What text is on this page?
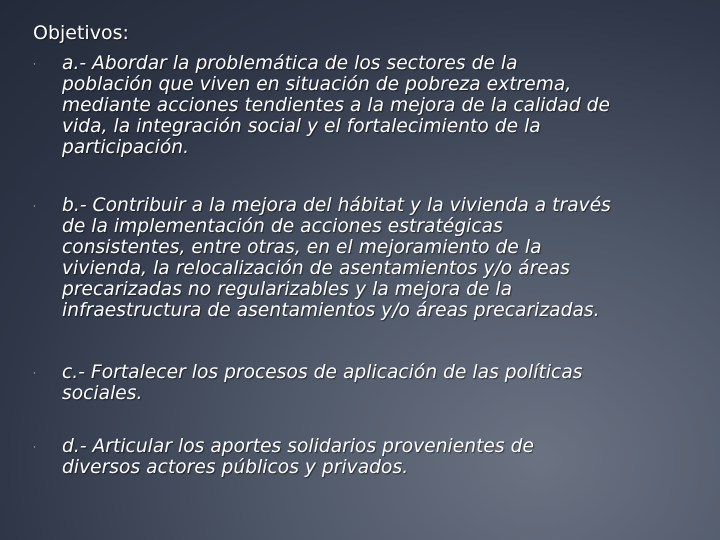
Objetivos:
· a.- Abordar la problemática de los sectores de la
población que viven en situación de pobreza extrema,
mediante acciones tendientes a la mejora de la calidad de
vida, la integración social y el fortalecimiento de la
participación.
· b.- Contribuir a la mejora del hábitat y la vivienda a través
de la implementación de acciones estratégicas
consistentes, entre otras, en el mejoramiento de la
vivienda, la relocalización de asentamientos y/o áreas
precarizadas no regularizables y la mejora de la
infraestructura de asentamientos y/o áreas precarizadas.
· c.- Fortalecer los procesos de aplicación de las políticas
sociales.
· d.- Articular los aportes solidarios provenientes de
diversos actores públicos y privados.
